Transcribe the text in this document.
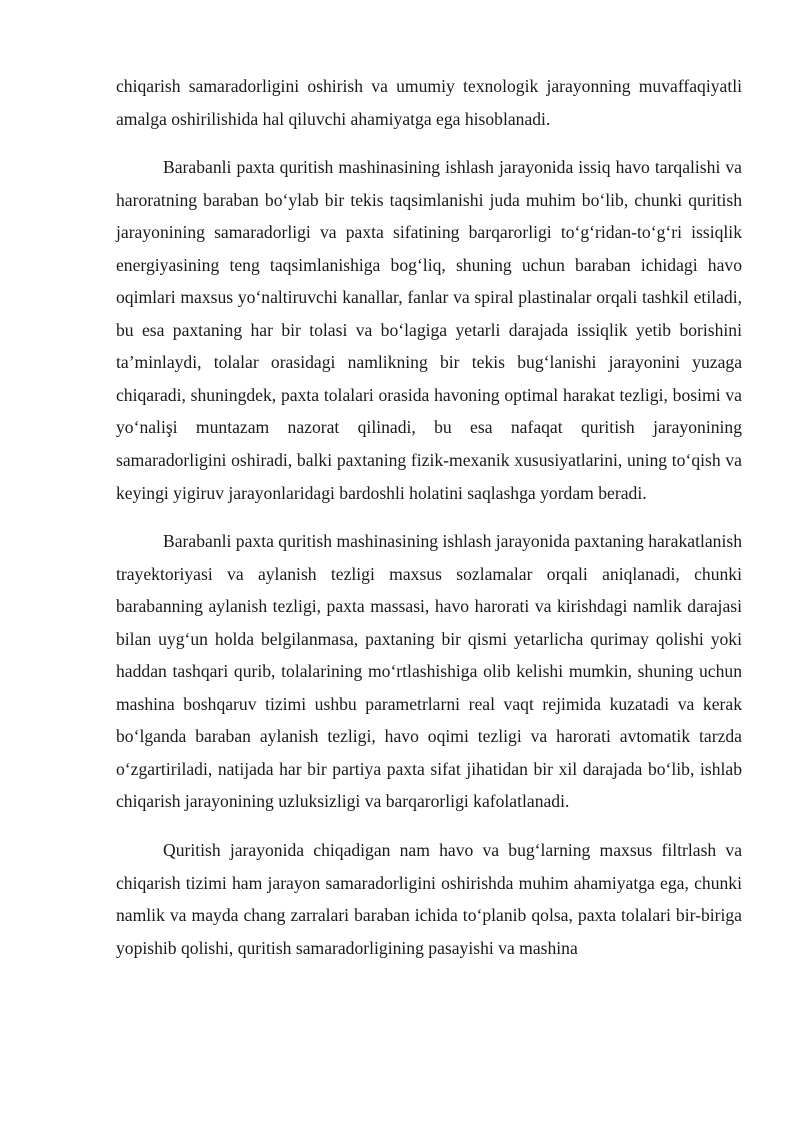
chiqarish samaradorligini oshirish va umumiy texnologik jarayonning muvaffaqiyatli amalga oshirilishida hal qiluvchi ahamiyatga ega hisoblanadi.

Barabanli paxta quritish mashinasining ishlash jarayonida issiq havo tarqalishi va haroratning baraban bo‘ylab bir tekis taqsimlanishi juda muhim bo‘lib, chunki quritish jarayonining samaradorligi va paxta sifatining barqarorligi to‘g‘ridan-to‘g‘ri issiqlik energiyasining teng taqsimlanishiga bog‘liq, shuning uchun baraban ichidagi havo oqimlari maxsus yo‘naltiruvchi kanallar, fanlar va spiral plastinalar orqali tashkil etiladi, bu esa paxtaning har bir tolasi va bo‘lagiga yetarli darajada issiqlik yetib borishini ta’minlaydi, tolalar orasidagi namlikning bir tekis bug‘lanishi jarayonini yuzaga chiqaradi, shuningdek, paxta tolalari orasida havoning optimal harakat tezligi, bosimi va yo‘nalişi muntazam nazorat qilinadi, bu esa nafaqat quritish jarayonining samaradorligini oshiradi, balki paxtaning fizik-mexanik xususiyatlarini, uning to‘qish va keyingi yigiruv jarayonlaridagi bardoshli holatini saqlashga yordam beradi.

Barabanli paxta quritish mashinasining ishlash jarayonida paxtaning harakatlanish trayektoriyasi va aylanish tezligi maxsus sozlamalar orqali aniqlanadi, chunki barabanning aylanish tezligi, paxta massasi, havo harorati va kirishdagi namlik darajasi bilan uyg‘un holda belgilanmasa, paxtaning bir qismi yetarlicha qurimay qolishi yoki haddan tashqari qurib, tolalarining mo‘rtlashishiga olib kelishi mumkin, shuning uchun mashina boshqaruv tizimi ushbu parametrlarni real vaqt rejimida kuzatadi va kerak bo‘lganda baraban aylanish tezligi, havo oqimi tezligi va harorati avtomatik tarzda o‘zgartiriladi, natijada har bir partiya paxta sifat jihatidan bir xil darajada bo‘lib, ishlab chiqarish jarayonining uzluksizligi va barqarorligi kafolatlanadi.

Quritish jarayonida chiqadigan nam havo va bug‘larning maxsus filtrlash va chiqarish tizimi ham jarayon samaradorligini oshirishda muhim ahamiyatga ega, chunki namlik va mayda chang zarralari baraban ichida to‘planib qolsa, paxta tolalari bir-biriga yopishib qolishi, quritish samaradorligining pasayishi va mashina
